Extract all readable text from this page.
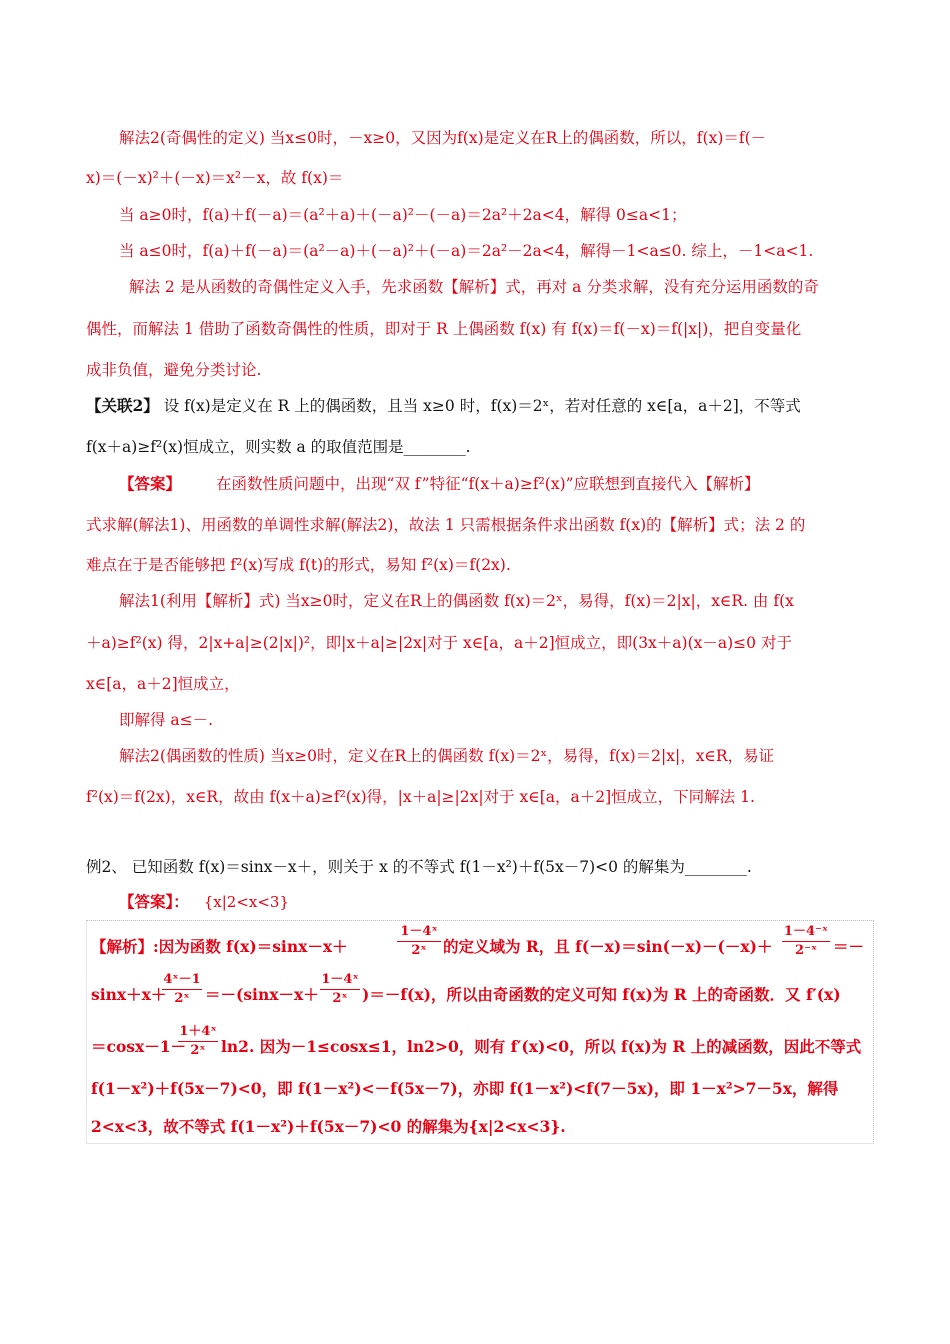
解法2(奇偶性的定义) 当x≤0时，－x≥0，又因为f(x)是定义在R上的偶函数，所以，f(x)＝f(－
x)＝(－x)²＋(－x)＝x²－x，故 f(x)＝
当 a≥0时，f(a)＋f(－a)＝(a²＋a)＋(－a)²－(－a)＝2a²＋2a<4，解得 0≤a<1；
当 a≤0时，f(a)＋f(－a)＝(a²－a)＋(－a)²＋(－a)＝2a²－2a<4，解得－1<a≤0. 综上，－1<a<1.
解法 2 是从函数的奇偶性定义入手，先求函数【解析】式，再对 a 分类求解，没有充分运用函数的奇
偶性，而解法 1 借助了函数奇偶性的性质，即对于 R 上偶函数 f(x) 有 f(x)＝f(－x)＝f(|x|)，把自变量化
成非负值，避免分类讨论.
【关联2】 设 f(x)是定义在 R 上的偶函数，且当 x≥0 时，f(x)＝2ˣ，若对任意的 x∈[a，a＋2]，不等式
f(x＋a)≥f²(x)恒成立，则实数 a 的取值范围是________.
【答案】 在函数性质问题中，出现“双 f”特征“f(x＋a)≥f²(x)”应联想到直接代入【解析】
式求解(解法1)、用函数的单调性求解(解法2)，故法 1 只需根据条件求出函数 f(x)的【解析】式；法 2 的
难点在于是否能够把 f²(x)写成 f(t)的形式，易知 f²(x)＝f(2x).
解法1(利用【解析】式) 当x≥0时，定义在R上的偶函数 f(x)＝2ˣ，易得，f(x)＝2|x|，x∈R. 由 f(x
＋a)≥f²(x) 得，2|x+a|≥(2|x|)²，即|x＋a|≥|2x|对于 x∈[a，a＋2]恒成立，即(3x＋a)(x－a)≤0 对于
x∈[a，a＋2]恒成立，
即解得 a≤－.
解法2(偶函数的性质) 当x≥0时，定义在R上的偶函数 f(x)＝2ˣ，易得，f(x)＝2|x|，x∈R，易证
f²(x)＝f(2x)，x∈R，故由 f(x＋a)≥f²(x)得，|x＋a|≥|2x|对于 x∈[a，a＋2]恒成立，下同解法 1.
例2、 已知函数 f(x)＝sinx－x＋，则关于 x 的不等式 f(1－x²)＋f(5x－7)<0 的解集为________.
【答案】： {x|2<x<3}
【解析】:因为函数 f(x)＝sinx－x＋
1－4ˣ
2ˣ	的定义域为 R，且 f(－x)＝sin(－x)－(－x)＋
1－4⁻ˣ
2⁻ˣ	＝－
sinx＋x＋
4ˣ－1
2ˣ ＝－(sinx－x＋
1－4ˣ
2ˣ )＝－f(x)，所以由奇函数的定义可知 f(x)为 R 上的奇函数．又 f′(x)
＝cosx－1－
1＋4ˣ
2ˣ ln2. 因为－1≤cosx≤1，ln2>0，则有 f′(x)<0，所以 f(x)为 R 上的减函数，因此不等式
f(1－x²)＋f(5x－7)<0，即 f(1－x²)<－f(5x－7)，亦即 f(1－x²)<f(7－5x)，即 1－x²>7－5x，解得
2<x<3，故不等式 f(1－x²)＋f(5x－7)<0 的解集为{x|2<x<3}.
